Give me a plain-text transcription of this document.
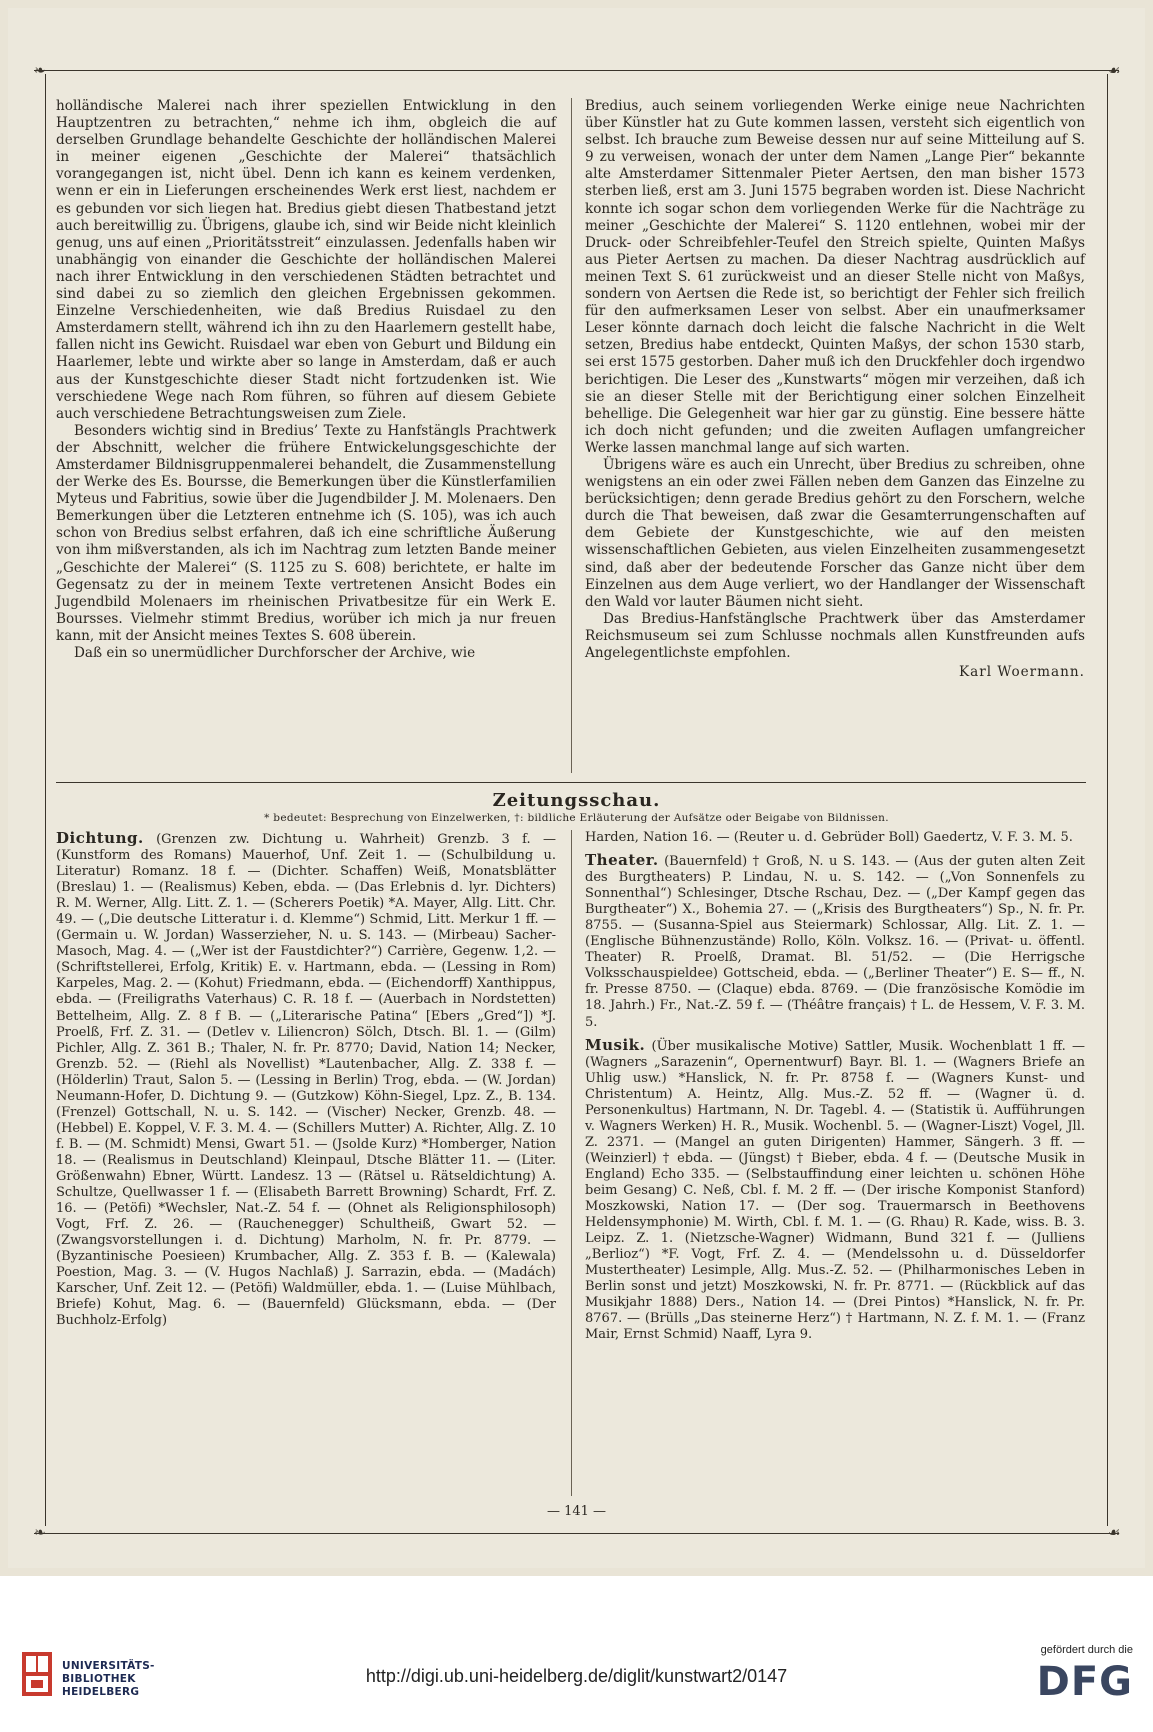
❧	☙
❧	☙

holländische Malerei nach ihrer speziellen Entwicklung in den Hauptzentren zu betrachten,“ nehme ich ihm, obgleich die auf derselben Grundlage behandelte Geschichte der holländischen Malerei in meiner eigenen „Geschichte der Malerei“ thatsächlich vorangegangen ist, nicht übel. Denn ich kann es keinem verdenken, wenn er ein in Lieferungen erscheinendes Werk erst liest, nachdem er es gebunden vor sich liegen hat. Bredius giebt diesen Thatbestand jetzt auch bereitwillig zu. Übrigens, glaube ich, sind wir Beide nicht kleinlich genug, uns auf einen „Prioritätsstreit“ einzulassen. Jedenfalls haben wir unabhängig von einander die Geschichte der holländischen Malerei nach ihrer Entwicklung in den verschiedenen Städten betrachtet und sind dabei zu so ziemlich den gleichen Ergebnissen gekommen. Einzelne Verschiedenheiten, wie daß Bredius Ruisdael zu den Amsterdamern stellt, während ich ihn zu den Haarlemern gestellt habe, fallen nicht ins Gewicht. Ruisdael war eben von Geburt und Bildung ein Haarlemer, lebte und wirkte aber so lange in Amsterdam, daß er auch aus der Kunstgeschichte dieser Stadt nicht fortzudenken ist. Wie verschiedene Wege nach Rom führen, so führen auf diesem Gebiete auch verschiedene Betrachtungsweisen zum Ziele.

Besonders wichtig sind in Bredius’ Texte zu Hanfstängls Prachtwerk der Abschnitt, welcher die frühere Entwickelungsgeschichte der Amsterdamer Bildnisgruppenmalerei behandelt, die Zusammenstellung der Werke des Es. Boursse, die Bemerkungen über die Künstlerfamilien Myteus und Fabritius, sowie über die Jugendbilder J. M. Molenaers. Den Bemerkungen über die Letzteren entnehme ich (S. 105), was ich auch schon von Bredius selbst erfahren, daß ich eine schriftliche Äußerung von ihm mißverstanden, als ich im Nachtrag zum letzten Bande meiner „Geschichte der Malerei“ (S. 1125 zu S. 608) berichtete, er halte im Gegensatz zu der in meinem Texte vertretenen Ansicht Bodes ein Jugendbild Molenaers im rheinischen Privatbesitze für ein Werk E. Boursses. Vielmehr stimmt Bredius, worüber ich mich ja nur freuen kann, mit der Ansicht meines Textes S. 608 überein.

Daß ein so unermüdlicher Durchforscher der Archive, wie

Bredius, auch seinem vorliegenden Werke einige neue Nachrichten über Künstler hat zu Gute kommen lassen, versteht sich eigentlich von selbst. Ich brauche zum Beweise dessen nur auf seine Mitteilung auf S. 9 zu verweisen, wonach der unter dem Namen „Lange Pier“ bekannte alte Amsterdamer Sittenmaler Pieter Aertsen, den man bisher 1573 sterben ließ, erst am 3. Juni 1575 begraben worden ist. Diese Nachricht konnte ich sogar schon dem vorliegenden Werke für die Nachträge zu meiner „Geschichte der Malerei“ S. 1120 entlehnen, wobei mir der Druck- oder Schreibfehler-Teufel den Streich spielte, Quinten Maßys aus Pieter Aertsen zu machen. Da dieser Nachtrag ausdrücklich auf meinen Text S. 61 zurückweist und an dieser Stelle nicht von Maßys, sondern von Aertsen die Rede ist, so berichtigt der Fehler sich freilich für den aufmerksamen Leser von selbst. Aber ein unaufmerksamer Leser könnte darnach doch leicht die falsche Nachricht in die Welt setzen, Bredius habe entdeckt, Quinten Maßys, der schon 1530 starb, sei erst 1575 gestorben. Daher muß ich den Druckfehler doch irgendwo berichtigen. Die Leser des „Kunstwarts“ mögen mir verzeihen, daß ich sie an dieser Stelle mit der Berichtigung einer solchen Einzelheit behellige. Die Gelegenheit war hier gar zu günstig. Eine bessere hätte ich doch nicht gefunden; und die zweiten Auflagen umfangreicher Werke lassen manchmal lange auf sich warten.

Übrigens wäre es auch ein Unrecht, über Bredius zu schreiben, ohne wenigstens an ein oder zwei Fällen neben dem Ganzen das Einzelne zu berücksichtigen; denn gerade Bredius gehört zu den Forschern, welche durch die That beweisen, daß zwar die Gesamterrungenschaften auf dem Gebiete der Kunstgeschichte, wie auf den meisten wissenschaftlichen Gebieten, aus vielen Einzelheiten zusammengesetzt sind, daß aber der bedeutende Forscher das Ganze nicht über dem Einzelnen aus dem Auge verliert, wo der Handlanger der Wissenschaft den Wald vor lauter Bäumen nicht sieht.

Das Bredius-Hanfstänglsche Prachtwerk über das Amsterdamer Reichsmuseum sei zum Schlusse nochmals allen Kunstfreunden aufs Angelegentlichste empfohlen.

Karl Woermann.
Zeitungsschau.
* bedeutet: Besprechung von Einzelwerken, †: bildliche Erläuterung der Aufsätze oder Beigabe von Bildnissen.

Dichtung. (Grenzen zw. Dichtung u. Wahrheit) Grenzb. 3 f. — (Kunstform des Romans) Mauerhof, Unf. Zeit 1. — (Schulbildung u. Literatur) Romanz. 18 f. — (Dichter. Schaffen) Weiß, Monatsblätter (Breslau) 1. — (Realismus) Keben, ebda. — (Das Erlebnis d. lyr. Dichters) R. M. Werner, Allg. Litt. Z. 1. — (Scherers Poetik) *A. Mayer, Allg. Litt. Chr. 49. — („Die deutsche Litteratur i. d. Klemme“) Schmid, Litt. Merkur 1 ff. — (Germain u. W. Jordan) Wasserzieher, N. u. S. 143. — (Mirbeau) Sacher-Masoch, Mag. 4. — („Wer ist der Faustdichter?“) Carrière, Gegenw. 1,2. — (Schriftstellerei, Erfolg, Kritik) E. v. Hartmann, ebda. — (Lessing in Rom) Karpeles, Mag. 2. — (Kohut) Friedmann, ebda. — (Eichendorff) Xanthippus, ebda. — (Freiligraths Vaterhaus) C. R. 18 f. — (Auerbach in Nordstetten) Bettelheim, Allg. Z. 8 f B. — („Literarische Patina“ [Ebers „Gred“]) *J. Proelß, Frf. Z. 31. — (Detlev v. Liliencron) Sölch, Dtsch. Bl. 1. — (Gilm) Pichler, Allg. Z. 361 B.; Thaler, N. fr. Pr. 8770; David, Nation 14; Necker, Grenzb. 52. — (Riehl als Novellist) *Lautenbacher, Allg. Z. 338 f. — (Hölderlin) Traut, Salon 5. — (Lessing in Berlin) Trog, ebda. — (W. Jordan) Neumann-Hofer, D. Dichtung 9. — (Gutzkow) Köhn-Siegel, Lpz. Z., B. 134. (Frenzel) Gottschall, N. u. S. 142. — (Vischer) Necker, Grenzb. 48. — (Hebbel) E. Koppel, V. F. 3. M. 4. — (Schillers Mutter) A. Richter, Allg. Z. 10 f. B. — (M. Schmidt) Mensi, Gwart 51. — (Jsolde Kurz) *Homberger, Nation 18. — (Realismus in Deutschland) Kleinpaul, Dtsche Blätter 11. — (Liter. Größenwahn) Ebner, Württ. Landesz. 13 — (Rätsel u. Rätseldichtung) A. Schultze, Quellwasser 1 f. — (Elisabeth Barrett Browning) Schardt, Frf. Z. 16. — (Petöfi) *Wechsler, Nat.-Z. 54 f. — (Ohnet als Religionsphilosoph) Vogt, Frf. Z. 26. — (Rauchenegger) Schultheiß, Gwart 52. — (Zwangsvorstellungen i. d. Dichtung) Marholm, N. fr. Pr. 8779. — (Byzantinische Poesieen) Krumbacher, Allg. Z. 353 f. B. — (Kalewala) Poestion, Mag. 3. — (V. Hugos Nachlaß) J. Sarrazin, ebda. — (Madách) Karscher, Unf. Zeit 12. — (Petöfi) Waldmüller, ebda. 1. — (Luise Mühlbach, Briefe) Kohut, Mag. 6. — (Bauernfeld) Glücksmann, ebda. — (Der Buchholz-Erfolg)

Harden, Nation 16. — (Reuter u. d. Gebrüder Boll) Gaedertz, V. F. 3. M. 5.

Theater. (Bauernfeld) † Groß, N. u S. 143. — (Aus der guten alten Zeit des Burgtheaters) P. Lindau, N. u. S. 142. — („Von Sonnenfels zu Sonnenthal“) Schlesinger, Dtsche Rschau, Dez. — („Der Kampf gegen das Burgtheater“) X., Bohemia 27. — („Krisis des Burgtheaters“) Sp., N. fr. Pr. 8755. — (Susanna-Spiel aus Steiermark) Schlossar, Allg. Lit. Z. 1. — (Englische Bühnenzustände) Rollo, Köln. Volksz. 16. — (Privat- u. öffentl. Theater) R. Proelß, Dramat. Bl. 51/52. — (Die Herrigsche Volksschauspieldee) Gottscheid, ebda. — („Berliner Theater“) E. S— ff., N. fr. Presse 8750. — (Claque) ebda. 8769. — (Die französische Komödie im 18. Jahrh.) Fr., Nat.-Z. 59 f. — (Théâtre français) † L. de Hessem, V. F. 3. M. 5.

Musik. (Über musikalische Motive) Sattler, Musik. Wochenblatt 1 ff. — (Wagners „Sarazenin“, Opernentwurf) Bayr. Bl. 1. — (Wagners Briefe an Uhlig usw.) *Hanslick, N. fr. Pr. 8758 f. — (Wagners Kunst- und Christentum) A. Heintz, Allg. Mus.-Z. 52 ff. — (Wagner ü. d. Personenkultus) Hartmann, N. Dr. Tagebl. 4. — (Statistik ü. Aufführungen v. Wagners Werken) H. R., Musik. Wochenbl. 5. — (Wagner-Liszt) Vogel, Jll. Z. 2371. — (Mangel an guten Dirigenten) Hammer, Sängerh. 3 ff. — (Weinzierl) † ebda. — (Jüngst) † Bieber, ebda. 4 f. — (Deutsche Musik in England) Echo 335. — (Selbstauffindung einer leichten u. schönen Höhe beim Gesang) C. Neß, Cbl. f. M. 2 ff. — (Der irische Komponist Stanford) Moszkowski, Nation 17. — (Der sog. Trauermarsch in Beethovens Heldensymphonie) M. Wirth, Cbl. f. M. 1. — (G. Rhau) R. Kade, wiss. B. 3. Leipz. Z. 1. (Nietzsche-Wagner) Widmann, Bund 321 f. — (Julliens „Berlioz“) *F. Vogt, Frf. Z. 4. — (Mendelssohn u. d. Düsseldorfer Mustertheater) Lesimple, Allg. Mus.-Z. 52. — (Philharmonisches Leben in Berlin sonst und jetzt) Moszkowski, N. fr. Pr. 8771. — (Rückblick auf das Musikjahr 1888) Ders., Nation 14. — (Drei Pintos) *Hanslick, N. fr. Pr. 8767. — (Brülls „Das steinerne Herz“) † Hartmann, N. Z. f. M. 1. — (Franz Mair, Ernst Schmid) Naaff, Lyra 9.

— 141 —
UNIVERSITÄTS-
BIBLIOTHEK
HEIDELBERG
http://digi.ub.uni-heidelberg.de/diglit/kunstwart2/0147
gefördert durch die
DFG
